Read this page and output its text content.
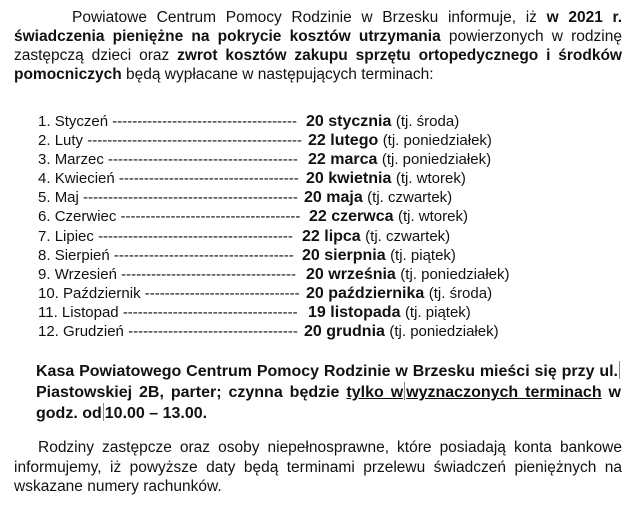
Powiatowe Centrum Pomocy Rodzinie w Brzesku informuje, iż w 2021 r. świadczenia pieniężne na pokrycie kosztów utrzymania powierzonych w rodzinę zastępczą dzieci oraz zwrot kosztów zakupu sprzętu ortopedycznego i środków pomocniczych będą wypłacane w następujących terminach:

1. Styczeń ------------------------------------- 20 stycznia (tj. środa)
2. Luty ------------------------------------------- 22 lutego (tj. poniedziałek)
3. Marzec -------------------------------------- 22 marca (tj. poniedziałek)
4. Kwiecień ------------------------------------ 20 kwietnia (tj. wtorek)
5. Maj ------------------------------------------- 20 maja (tj. czwartek)
6. Czerwiec ------------------------------------ 22 czerwca (tj. wtorek)
7. Lipiec --------------------------------------- 22 lipca (tj. czwartek)
8. Sierpień ------------------------------------ 20 sierpnia (tj. piątek)
9. Wrzesień ----------------------------------- 20 września (tj. poniedziałek)
10. Październik ------------------------------- 20 października (tj. środa)
11. Listopad ----------------------------------- 19 listopada (tj. piątek)
12. Grudzień ---------------------------------- 20 grudnia (tj. poniedziałek)

Kasa Powiatowego Centrum Pomocy Rodzinie w Brzesku mieści się przy ul.Piastowskiej 2B, parter; czynna będzie tylko w wyznaczonych terminach w godz. od 10.00 – 13.00.

Rodziny zastępcze oraz osoby niepełnosprawne, które posiadają konta bankowe informujemy, iż powyższe daty będą terminami przelewu świadczeń pieniężnych na wskazane numery rachunków.
